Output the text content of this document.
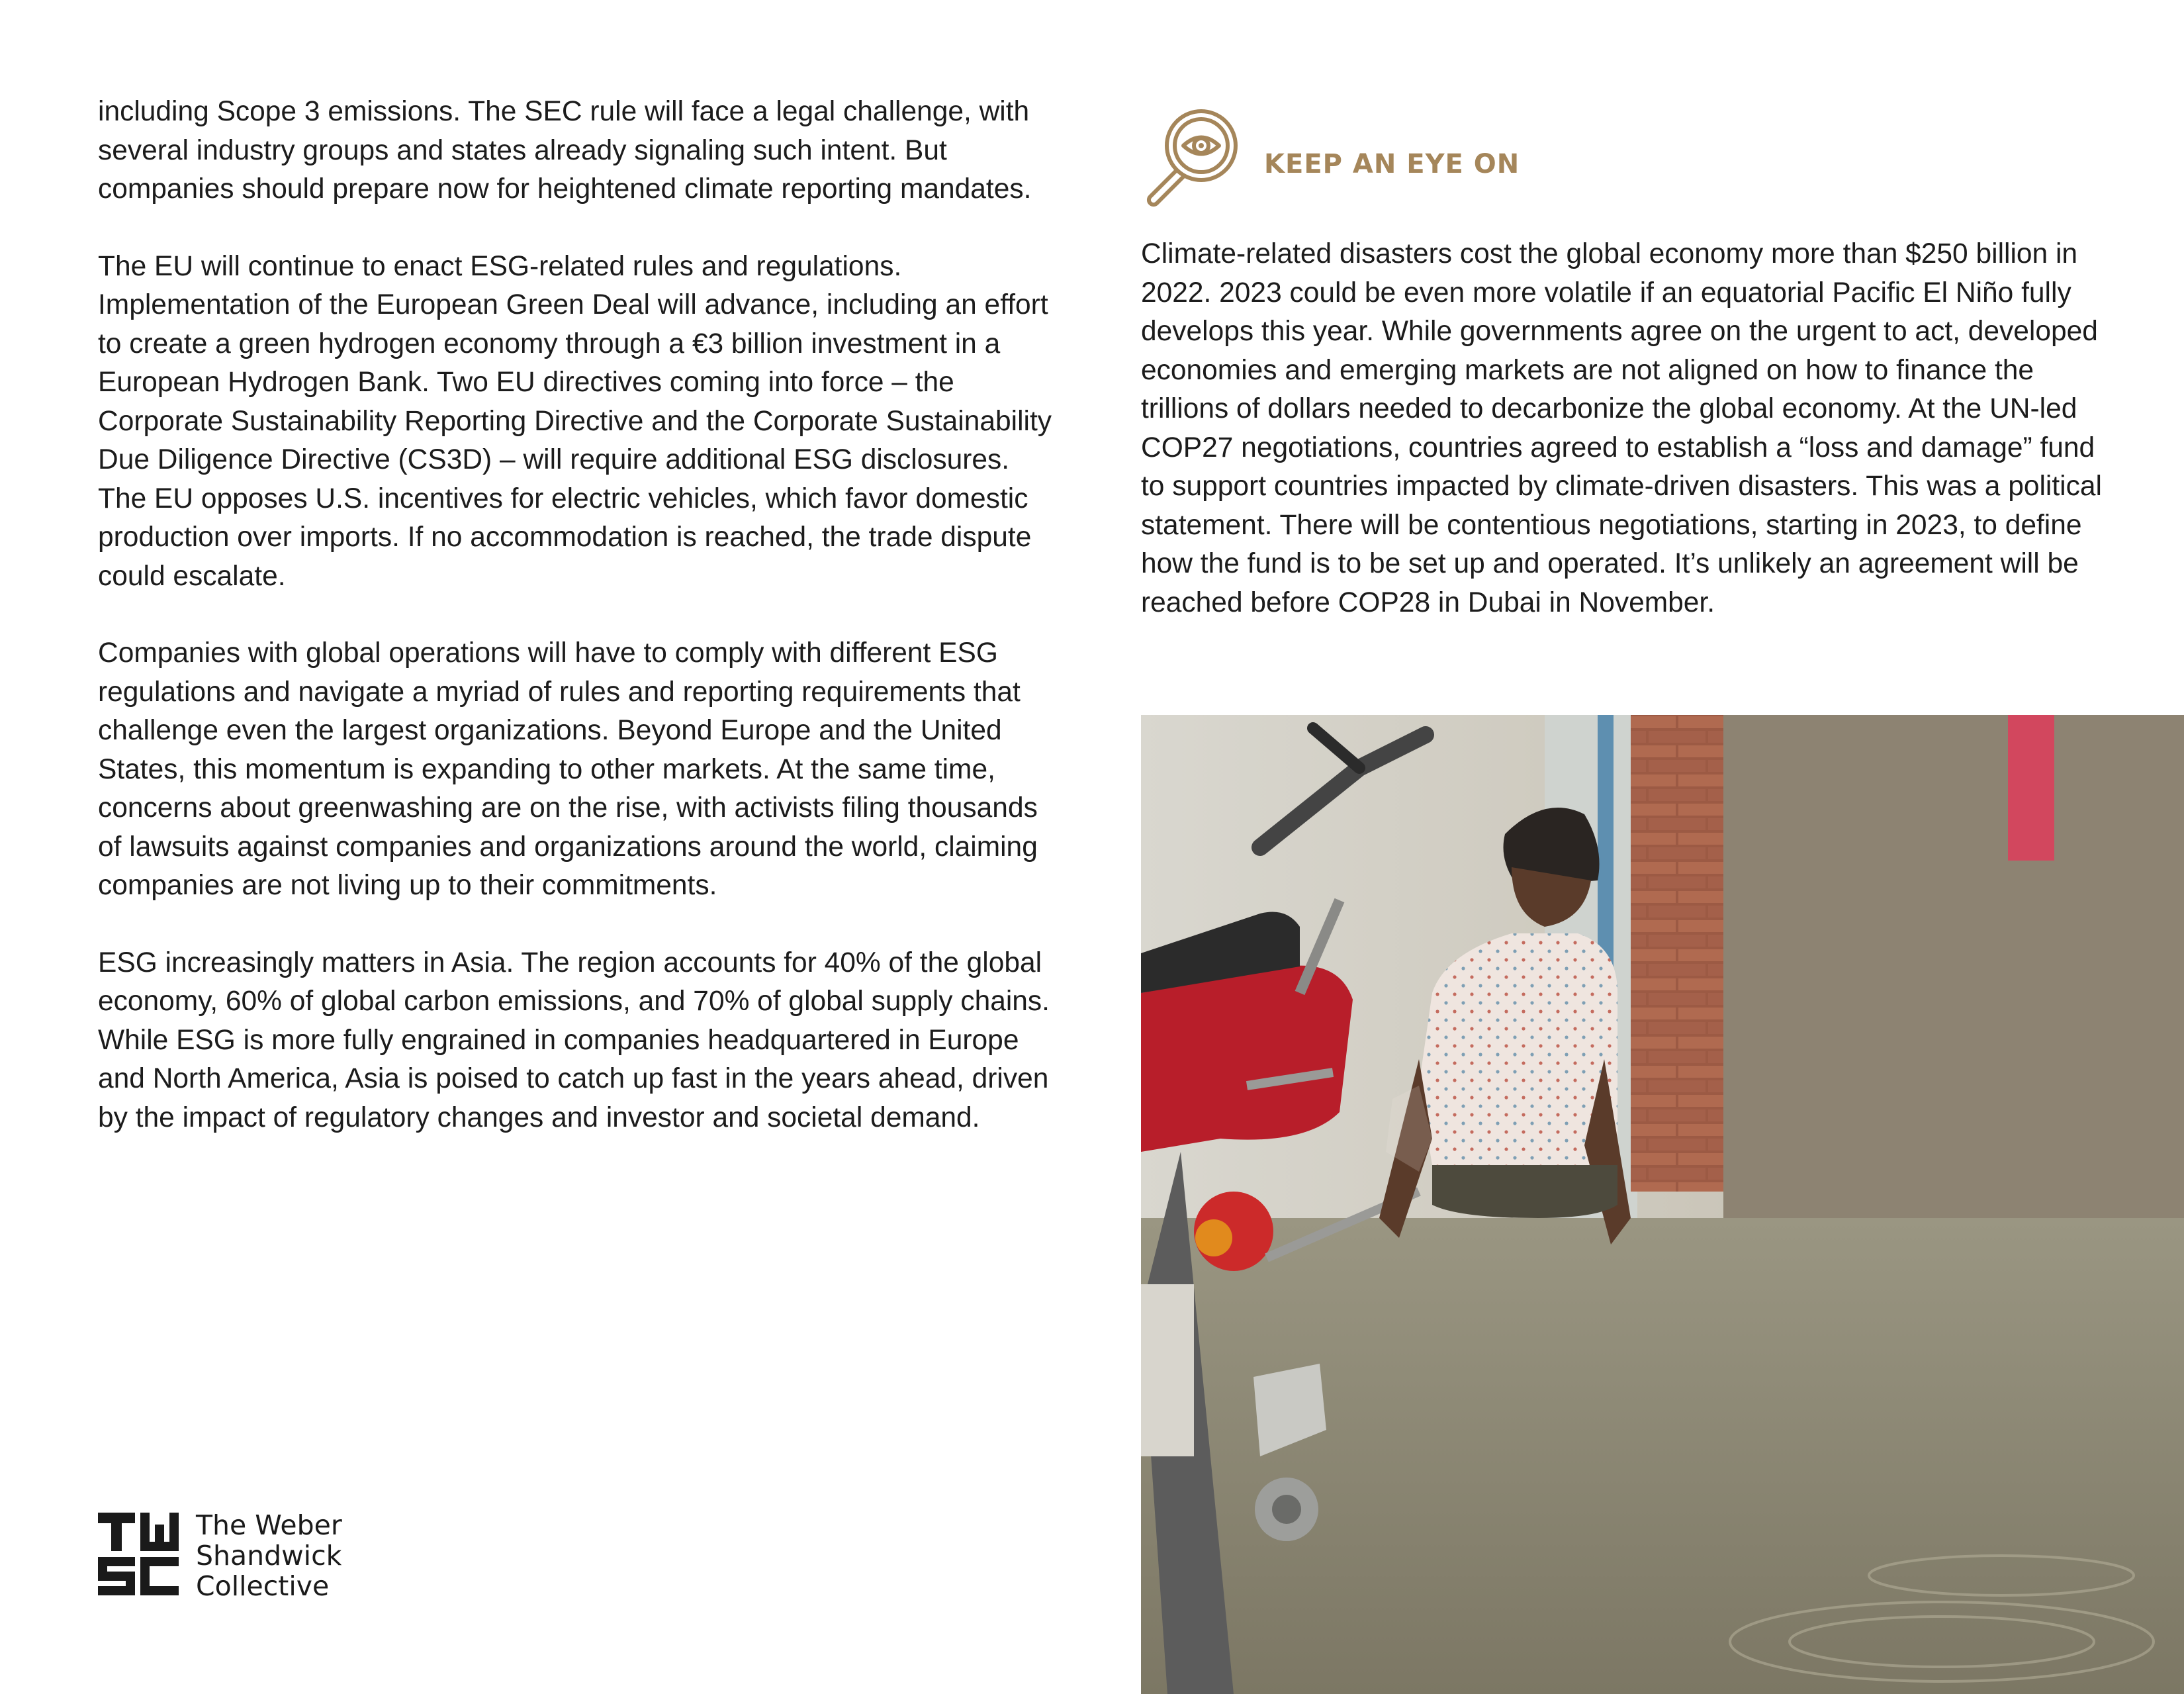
including Scope 3 emissions. The SEC rule will face a legal challenge, with several industry groups and states already signaling such intent. But companies should prepare now for heightened climate reporting mandates.

The EU will continue to enact ESG-related rules and regulations. Implementation of the European Green Deal will advance, including an effort to create a green hydrogen economy through a €3 billion investment in a European Hydrogen Bank. Two EU directives coming into force – the Corporate Sustainability Reporting Directive and the Corporate Sustainability Due Diligence Directive (CS3D) – will require additional ESG disclosures. The EU opposes U.S. incentives for electric vehicles, which favor domestic production over imports. If no accommodation is reached, the trade dispute could escalate.

Companies with global operations will have to comply with different ESG regulations and navigate a myriad of rules and reporting requirements that challenge even the largest organizations. Beyond Europe and the United States, this momentum is expanding to other markets. At the same time, concerns about greenwashing are on the rise, with activists filing thousands of lawsuits against companies and organizations around the world, claiming companies are not living up to their commitments.

ESG increasingly matters in Asia. The region accounts for 40% of the global economy, 60% of global carbon emissions, and 70% of global supply chains. While ESG is more fully engrained in companies headquartered in Europe and North America, Asia is poised to catch up fast in the years ahead, driven by the impact of regulatory changes and investor and societal demand.

KEEP AN EYE ON

Climate-related disasters cost the global economy more than $250 billion in 2022. 2023 could be even more volatile if an equatorial Pacific El Niño fully develops this year. While governments agree on the urgent to act, developed economies and emerging markets are not aligned on how to finance the trillions of dollars needed to decarbonize the global economy. At the UN-led COP27 negotiations, countries agreed to establish a “loss and damage” fund to support countries impacted by climate-driven disasters. This was a political statement. There will be contentious negotiations, starting in 2023, to define how the fund is to be set up and operated. It’s unlikely an agreement will be reached before COP28 in Dubai in November.

The Weber
Shandwick
Collective
